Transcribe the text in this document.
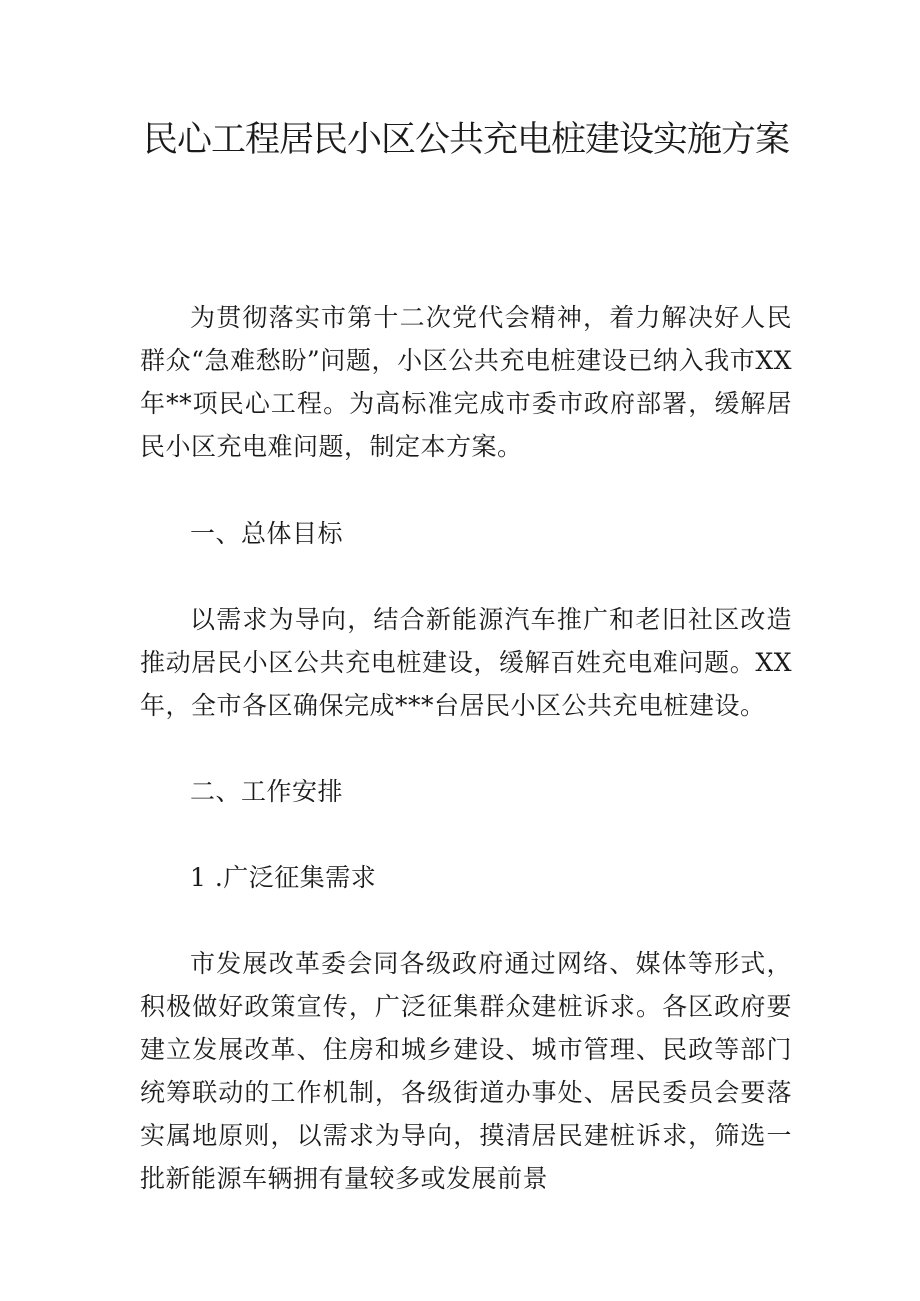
民心工程居民小区公共充电桩建设实施方案

为贯彻落实市第十二次党代会精神，着力解决好人民群众“急难愁盼”问题，小区公共充电桩建设已纳入我市XX年**项民心工程。为高标准完成市委市政府部署，缓解居民小区充电难问题，制定本方案。

一、总体目标

以需求为导向，结合新能源汽车推广和老旧社区改造推动居民小区公共充电桩建设，缓解百姓充电难问题。XX年，全市各区确保完成***台居民小区公共充电桩建设。

二、工作安排

1 .广泛征集需求

市发展改革委会同各级政府通过网络、媒体等形式，积极做好政策宣传，广泛征集群众建桩诉求。各区政府要建立发展改革、住房和城乡建设、城市管理、民政等部门统筹联动的工作机制，各级街道办事处、居民委员会要落实属地原则，以需求为导向，摸清居民建桩诉求，筛选一批新能源车辆拥有量较多或发展前景
